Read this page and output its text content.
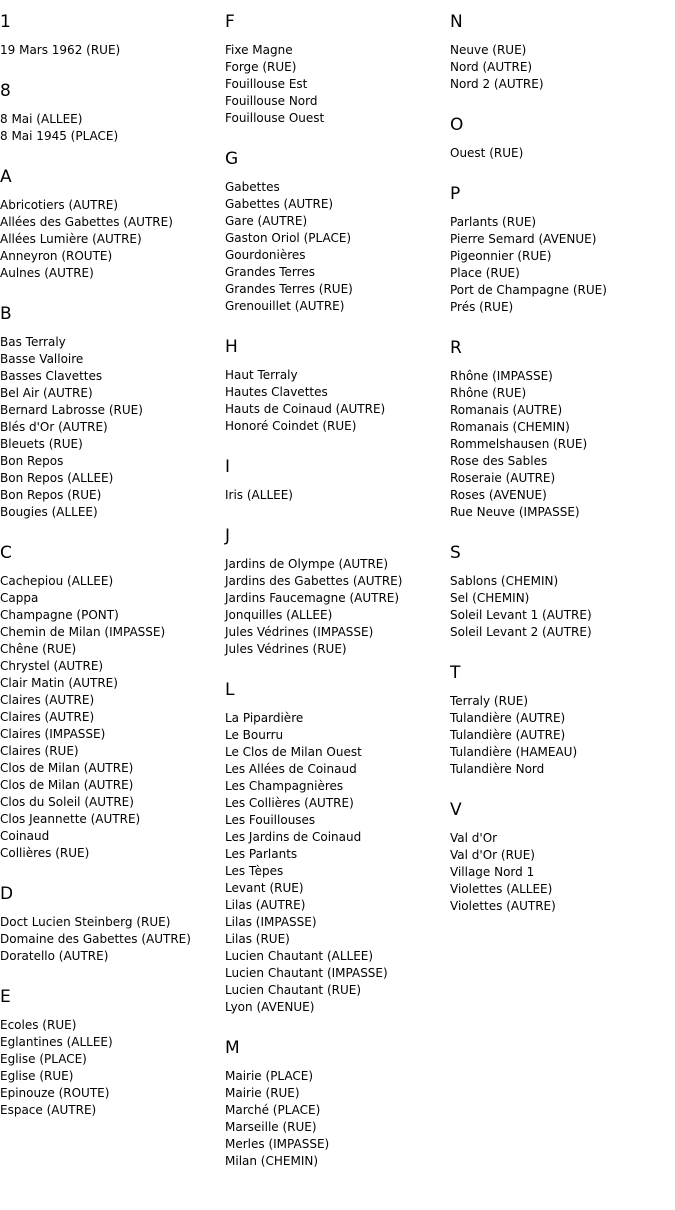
1
19 Mars 1962 (RUE)
8
8 Mai (ALLEE)
8 Mai 1945 (PLACE)
A
Abricotiers (AUTRE)
Allées des Gabettes (AUTRE)
Allées Lumière (AUTRE)
Anneyron (ROUTE)
Aulnes (AUTRE)
B
Bas Terraly
Basse Valloire
Basses Clavettes
Bel Air (AUTRE)
Bernard Labrosse (RUE)
Blés d'Or (AUTRE)
Bleuets (RUE)
Bon Repos
Bon Repos (ALLEE)
Bon Repos (RUE)
Bougies (ALLEE)
C
Cachepiou (ALLEE)
Cappa
Champagne (PONT)
Chemin de Milan (IMPASSE)
Chêne (RUE)
Chrystel (AUTRE)
Clair Matin (AUTRE)
Claires (AUTRE)
Claires (AUTRE)
Claires (IMPASSE)
Claires (RUE)
Clos de Milan (AUTRE)
Clos de Milan (AUTRE)
Clos du Soleil (AUTRE)
Clos Jeannette (AUTRE)
Coinaud
Collières (RUE)
D
Doct Lucien Steinberg (RUE)
Domaine des Gabettes (AUTRE)
Doratello (AUTRE)
E
Ecoles (RUE)
Eglantines (ALLEE)
Eglise (PLACE)
Eglise (RUE)
Epinouze (ROUTE)
Espace (AUTRE)
F
Fixe Magne
Forge (RUE)
Fouillouse Est
Fouillouse Nord
Fouillouse Ouest
G
Gabettes
Gabettes (AUTRE)
Gare (AUTRE)
Gaston Oriol (PLACE)
Gourdonières
Grandes Terres
Grandes Terres (RUE)
Grenouillet (AUTRE)
H
Haut Terraly
Hautes Clavettes
Hauts de Coinaud (AUTRE)
Honoré Coindet (RUE)
I
Iris (ALLEE)
J
Jardins de Olympe (AUTRE)
Jardins des Gabettes (AUTRE)
Jardins Faucemagne (AUTRE)
Jonquilles (ALLEE)
Jules Védrines (IMPASSE)
Jules Védrines (RUE)
L
La Pipardière
Le Bourru
Le Clos de Milan Ouest
Les Allées de Coinaud
Les Champagnières
Les Collières (AUTRE)
Les Fouillouses
Les Jardins de Coinaud
Les Parlants
Les Tèpes
Levant (RUE)
Lilas (AUTRE)
Lilas (IMPASSE)
Lilas (RUE)
Lucien Chautant (ALLEE)
Lucien Chautant (IMPASSE)
Lucien Chautant (RUE)
Lyon (AVENUE)
M
Mairie (PLACE)
Mairie (RUE)
Marché (PLACE)
Marseille (RUE)
Merles (IMPASSE)
Milan (CHEMIN)
N
Neuve (RUE)
Nord (AUTRE)
Nord 2 (AUTRE)
O
Ouest (RUE)
P
Parlants (RUE)
Pierre Semard (AVENUE)
Pigeonnier (RUE)
Place (RUE)
Port de Champagne (RUE)
Prés (RUE)
R
Rhône (IMPASSE)
Rhône (RUE)
Romanais (AUTRE)
Romanais (CHEMIN)
Rommelshausen (RUE)
Rose des Sables
Roseraie (AUTRE)
Roses (AVENUE)
Rue Neuve (IMPASSE)
S
Sablons (CHEMIN)
Sel (CHEMIN)
Soleil Levant 1 (AUTRE)
Soleil Levant 2 (AUTRE)
T
Terraly (RUE)
Tulandière (AUTRE)
Tulandière (AUTRE)
Tulandière (HAMEAU)
Tulandière Nord
V
Val d'Or
Val d'Or (RUE)
Village Nord 1
Violettes (ALLEE)
Violettes (AUTRE)
